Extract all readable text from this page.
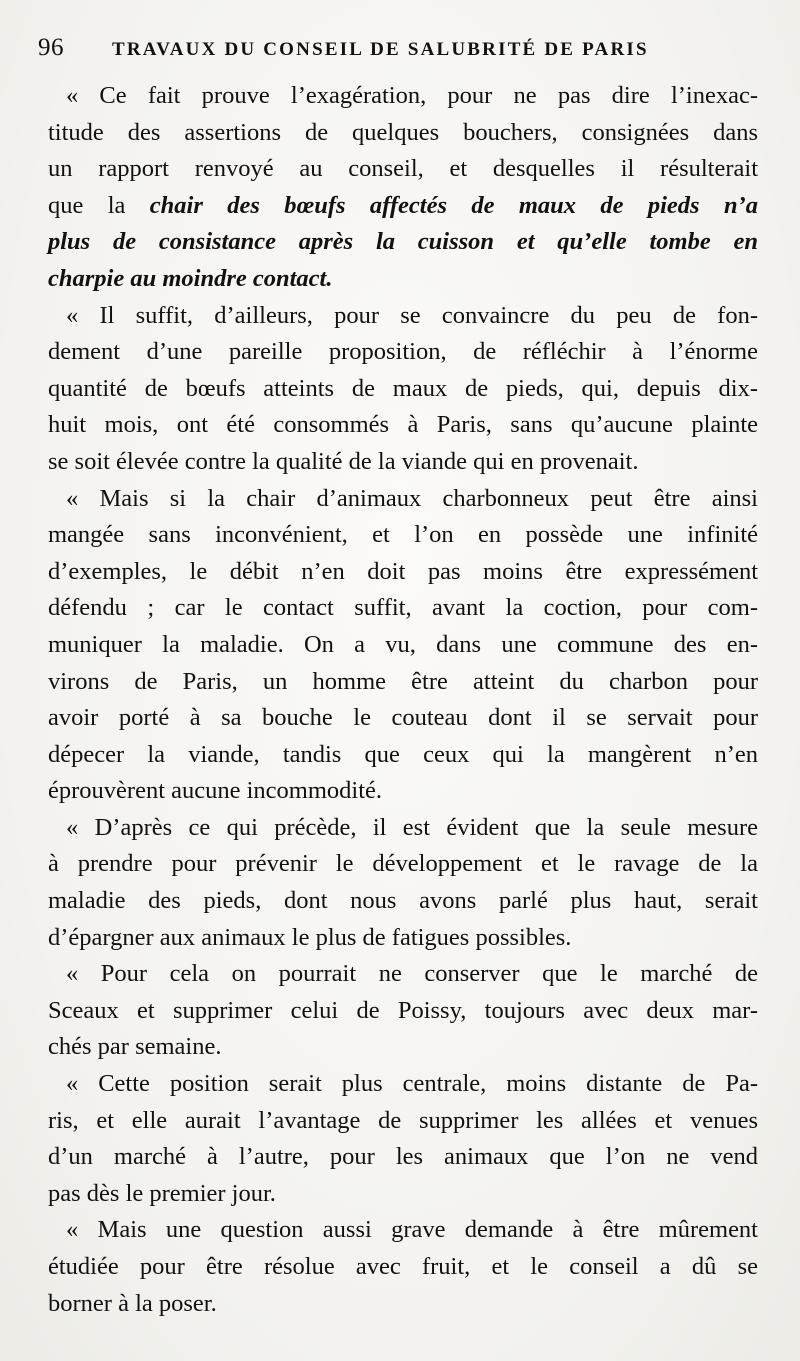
96	TRAVAUX DU CONSEIL DE SALUBRITÉ DE PARIS
« Ce fait prouve l’exagération, pour ne pas dire l’inexac-
titude des assertions de quelques bouchers, consignées dans
un rapport renvoyé au conseil, et desquelles il résulterait
que la chair des bœufs affectés de maux de pieds n’a
plus de consistance après la cuisson et qu’elle tombe en
charpie au moindre contact.
« Il suffit, d’ailleurs, pour se convaincre du peu de fon-
dement d’une pareille proposition, de réfléchir à l’énorme
quantité de bœufs atteints de maux de pieds, qui, depuis dix-
huit mois, ont été consommés à Paris, sans qu’aucune plainte
se soit élevée contre la qualité de la viande qui en provenait.
« Mais si la chair d’animaux charbonneux peut être ainsi
mangée sans inconvénient, et l’on en possède une infinité
d’exemples, le débit n’en doit pas moins être expressément
défendu ; car le contact suffit, avant la coction, pour com-
muniquer la maladie. On a vu, dans une commune des en-
virons de Paris, un homme être atteint du charbon pour
avoir porté à sa bouche le couteau dont il se servait pour
dépecer la viande, tandis que ceux qui la mangèrent n’en
éprouvèrent aucune incommodité.
« D’après ce qui précède, il est évident que la seule mesure
à prendre pour prévenir le développement et le ravage de la
maladie des pieds, dont nous avons parlé plus haut, serait
d’épargner aux animaux le plus de fatigues possibles.
« Pour cela on pourrait ne conserver que le marché de
Sceaux et supprimer celui de Poissy, toujours avec deux mar-
chés par semaine.
« Cette position serait plus centrale, moins distante de Pa-
ris, et elle aurait l’avantage de supprimer les allées et venues
d’un marché à l’autre, pour les animaux que l’on ne vend
pas dès le premier jour.
« Mais une question aussi grave demande à être mûrement
étudiée pour être résolue avec fruit, et le conseil a dû se
borner à la poser.
